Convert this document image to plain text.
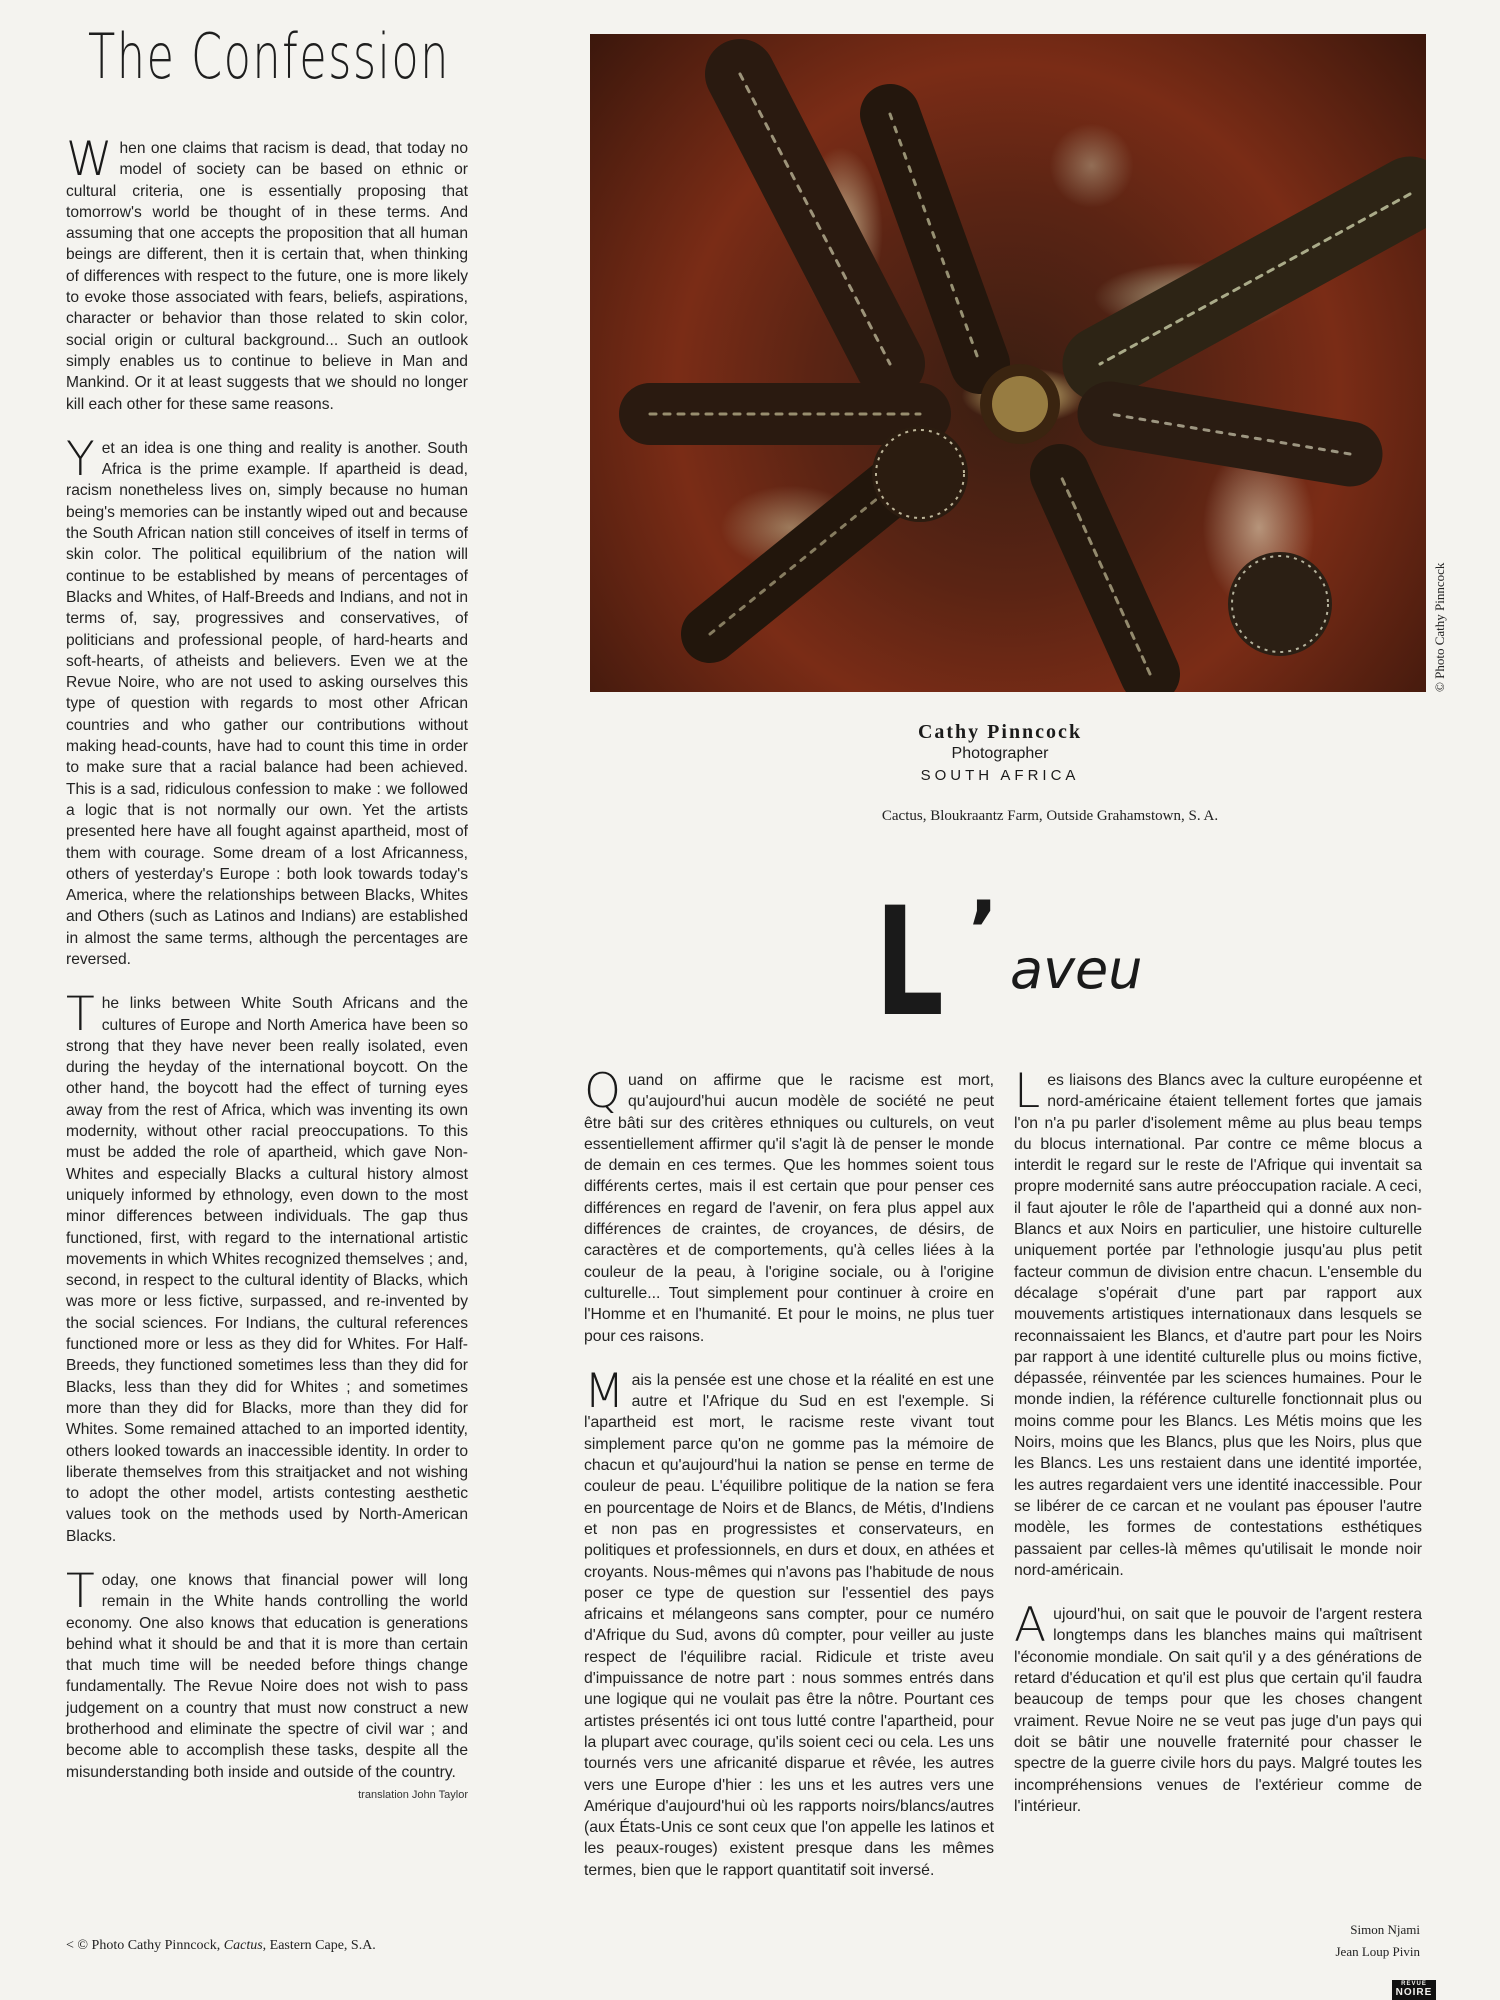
The Confession

When one claims that racism is dead, that today no model of society can be based on ethnic or cultural criteria, one is essentially proposing that tomorrow's world be thought of in these terms. And assuming that one accepts the proposition that all human beings are different, then it is certain that, when thinking of differences with respect to the future, one is more likely to evoke those associated with fears, beliefs, aspirations, character or behavior than those related to skin color, social origin or cultural background... Such an outlook simply enables us to continue to believe in Man and Mankind. Or it at least suggests that we should no longer kill each other for these same reasons.

Yet an idea is one thing and reality is another. South Africa is the prime example. If apartheid is dead, racism nonetheless lives on, simply because no human being's memories can be instantly wiped out and because the South African nation still conceives of itself in terms of skin color. The political equilibrium of the nation will continue to be established by means of percentages of Blacks and Whites, of Half-Breeds and Indians, and not in terms of, say, progressives and conservatives, of politicians and professional people, of hard-hearts and soft-hearts, of atheists and believers. Even we at the Revue Noire, who are not used to asking ourselves this type of question with regards to most other African countries and who gather our contributions without making head-counts, have had to count this time in order to make sure that a racial balance had been achieved. This is a sad, ridiculous confession to make : we followed a logic that is not normally our own. Yet the artists presented here have all fought against apartheid, most of them with courage. Some dream of a lost Africanness, others of yesterday's Europe : both look towards today's America, where the relationships between Blacks, Whites and Others (such as Latinos and Indians) are established in almost the same terms, although the percentages are reversed.

The links between White South Africans and the cultures of Europe and North America have been so strong that they have never been really isolated, even during the heyday of the international boycott. On the other hand, the boycott had the effect of turning eyes away from the rest of Africa, which was inventing its own modernity, without other racial preoccupations. To this must be added the role of apartheid, which gave Non-Whites and especially Blacks a cultural history almost uniquely informed by ethnology, even down to the most minor differences between individuals. The gap thus functioned, first, with regard to the international artistic movements in which Whites recognized themselves ; and, second, in respect to the cultural identity of Blacks, which was more or less fictive, surpassed, and re-invented by the social sciences. For Indians, the cultural references functioned more or less as they did for Whites. For Half-Breeds, they functioned sometimes less than they did for Blacks, less than they did for Whites ; and sometimes more than they did for Blacks, more than they did for Whites. Some remained attached to an imported identity, others looked towards an inaccessible identity. In order to liberate themselves from this straitjacket and not wishing to adopt the other model, artists contesting aesthetic values took on the methods used by North-American Blacks.

Today, one knows that financial power will long remain in the White hands controlling the world economy. One also knows that education is generations behind what it should be and that it is more than certain that much time will be needed before things change fundamentally. The Revue Noire does not wish to pass judgement on a country that must now construct a new brotherhood and eliminate the spectre of civil war ; and become able to accomplish these tasks, despite all the misunderstanding both inside and outside of the country.

translation John Taylor
< © Photo Cathy Pinncock, Cactus, Eastern Cape, S.A.
© Photo Cathy Pinncock
Cathy Pinncock
Photographer
SOUTH AFRICA
Cactus, Bloukraantz Farm, Outside Grahamstown, S. A.
L ’ aveu

Quand on affirme que le racisme est mort, qu'aujourd'hui aucun modèle de société ne peut être bâti sur des critères ethniques ou culturels, on veut essentiellement affirmer qu'il s'agit là de penser le monde de demain en ces termes. Que les hommes soient tous différents certes, mais il est certain que pour penser ces différences en regard de l'avenir, on fera plus appel aux différences de craintes, de croyances, de désirs, de caractères et de comportements, qu'à celles liées à la couleur de la peau, à l'origine sociale, ou à l'origine culturelle... Tout simplement pour continuer à croire en l'Homme et en l'humanité. Et pour le moins, ne plus tuer pour ces raisons.

Mais la pensée est une chose et la réalité en est une autre et l'Afrique du Sud en est l'exemple. Si l'apartheid est mort, le racisme reste vivant tout simplement parce qu'on ne gomme pas la mémoire de chacun et qu'aujourd'hui la nation se pense en terme de couleur de peau. L'équilibre politique de la nation se fera en pourcentage de Noirs et de Blancs, de Métis, d'Indiens et non pas en progressistes et conservateurs, en politiques et professionnels, en durs et doux, en athées et croyants. Nous-mêmes qui n'avons pas l'habitude de nous poser ce type de question sur l'essentiel des pays africains et mélangeons sans compter, pour ce numéro d'Afrique du Sud, avons dû compter, pour veiller au juste respect de l'équilibre racial. Ridicule et triste aveu d'impuissance de notre part : nous sommes entrés dans une logique qui ne voulait pas être la nôtre. Pourtant ces artistes présentés ici ont tous lutté contre l'apartheid, pour la plupart avec courage, qu'ils soient ceci ou cela. Les uns tournés vers une africanité disparue et rêvée, les autres vers une Europe d'hier : les uns et les autres vers une Amérique d'aujourd'hui où les rapports noirs/blancs/autres (aux États-Unis ce sont ceux que l'on appelle les latinos et les peaux-rouges) existent presque dans les mêmes termes, bien que le rapport quantitatif soit inversé.

Les liaisons des Blancs avec la culture européenne et nord-américaine étaient tellement fortes que jamais l'on n'a pu parler d'isolement même au plus beau temps du blocus international. Par contre ce même blocus a interdit le regard sur le reste de l'Afrique qui inventait sa propre modernité sans autre préoccupation raciale. A ceci, il faut ajouter le rôle de l'apartheid qui a donné aux non-Blancs et aux Noirs en particulier, une histoire culturelle uniquement portée par l'ethnologie jusqu'au plus petit facteur commun de division entre chacun. L'ensemble du décalage s'opérait d'une part par rapport aux mouvements artistiques internationaux dans lesquels se reconnaissaient les Blancs, et d'autre part pour les Noirs par rapport à une identité culturelle plus ou moins fictive, dépassée, réinventée par les sciences humaines. Pour le monde indien, la référence culturelle fonctionnait plus ou moins comme pour les Blancs. Les Métis moins que les Noirs, moins que les Blancs, plus que les Noirs, plus que les Blancs. Les uns restaient dans une identité importée, les autres regardaient vers une identité inaccessible. Pour se libérer de ce carcan et ne voulant pas épouser l'autre modèle, les formes de contestations esthétiques passaient par celles-là mêmes qu'utilisait le monde noir nord-américain.

Aujourd'hui, on sait que le pouvoir de l'argent restera longtemps dans les blanches mains qui maîtrisent l'économie mondiale. On sait qu'il y a des générations de retard d'éducation et qu'il est plus que certain qu'il faudra beaucoup de temps pour que les choses changent vraiment. Revue Noire ne se veut pas juge d'un pays qui doit se bâtir une nouvelle fraternité pour chasser le spectre de la guerre civile hors du pays. Malgré toutes les incompréhensions venues de l'extérieur comme de l'intérieur.

Simon Njami
Jean Loup Pivin
REVUE
NOIRE
